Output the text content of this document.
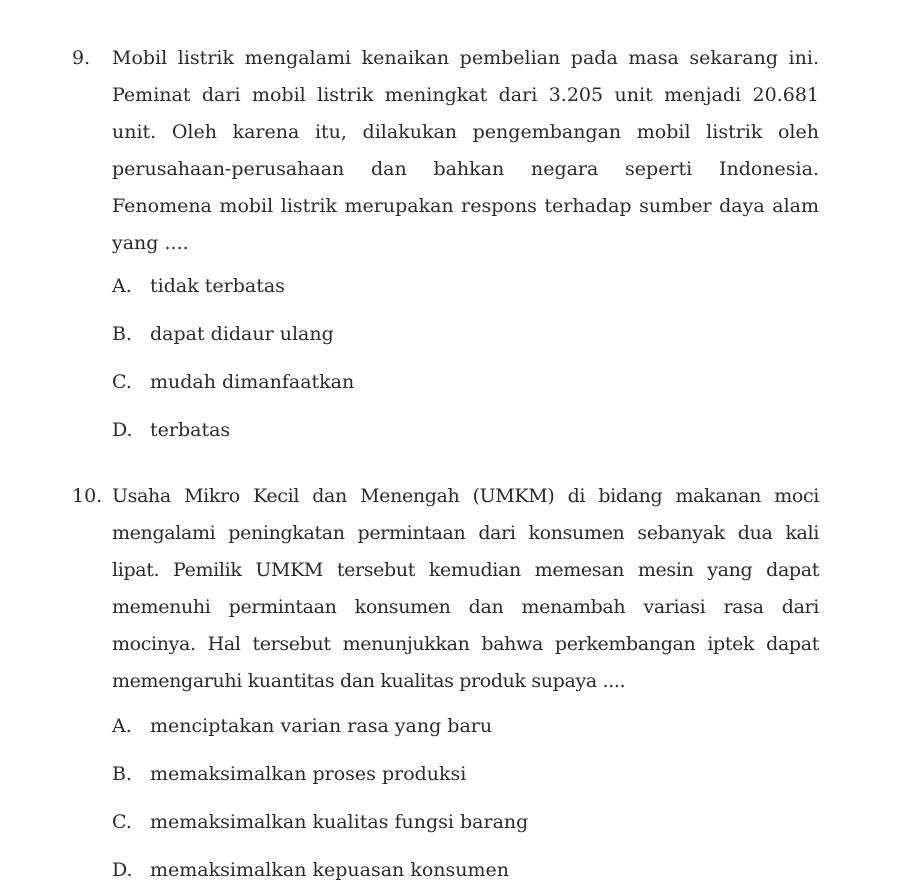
9. Mobil listrik mengalami kenaikan pembelian pada masa sekarang ini. Peminat dari mobil listrik meningkat dari 3.205 unit menjadi 20.681 unit. Oleh karena itu, dilakukan pengembangan mobil listrik oleh perusahaan-perusahaan dan bahkan negara seperti Indonesia. Fenomena mobil listrik merupakan respons terhadap sumber daya alam yang ....
A. tidak terbatas
B. dapat didaur ulang
C. mudah dimanfaatkan
D. terbatas
10. Usaha Mikro Kecil dan Menengah (UMKM) di bidang makanan moci mengalami peningkatan permintaan dari konsumen sebanyak dua kali lipat. Pemilik UMKM tersebut kemudian memesan mesin yang dapat memenuhi permintaan konsumen dan menambah variasi rasa dari mocinya. Hal tersebut menunjukkan bahwa perkembangan iptek dapat memengaruhi kuantitas dan kualitas produk supaya ....
A. menciptakan varian rasa yang baru
B. memaksimalkan proses produksi
C. memaksimalkan kualitas fungsi barang
D. memaksimalkan kepuasan konsumen
